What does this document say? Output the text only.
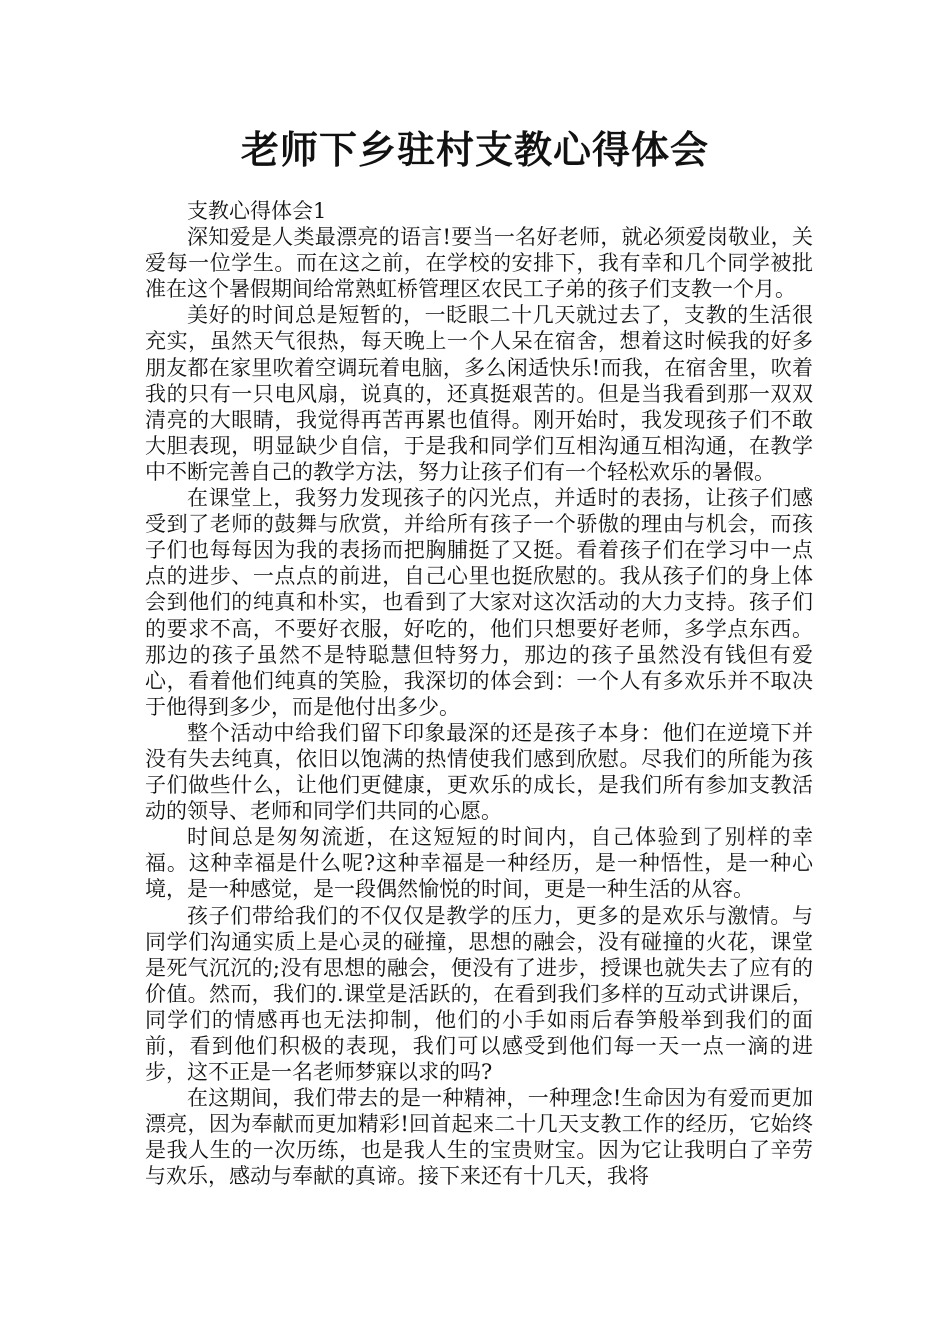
老师下乡驻村支教心得体会

支教心得体会1

深知爱是人类最漂亮的语言!要当一名好老师，就必须爱岗敬业，关爱每一位学生。而在这之前，在学校的安排下，我有幸和几个同学被批准在这个暑假期间给常熟虹桥管理区农民工子弟的孩子们支教一个月。

美好的时间总是短暂的，一眨眼二十几天就过去了，支教的生活很充实，虽然天气很热，每天晚上一个人呆在宿舍，想着这时候我的好多朋友都在家里吹着空调玩着电脑，多么闲适快乐!而我，在宿舍里，吹着我的只有一只电风扇，说真的，还真挺艰苦的。但是当我看到那一双双清亮的大眼睛，我觉得再苦再累也值得。刚开始时，我发现孩子们不敢大胆表现，明显缺少自信，于是我和同学们互相沟通互相沟通，在教学中不断完善自己的教学方法，努力让孩子们有一个轻松欢乐的暑假。

在课堂上，我努力发现孩子的闪光点，并适时的表扬，让孩子们感受到了老师的鼓舞与欣赏，并给所有孩子一个骄傲的理由与机会，而孩子们也每每因为我的表扬而把胸脯挺了又挺。看着孩子们在学习中一点点的进步、一点点的前进，自己心里也挺欣慰的。我从孩子们的身上体会到他们的纯真和朴实，也看到了大家对这次活动的大力支持。孩子们的要求不高，不要好衣服，好吃的，他们只想要好老师，多学点东西。那边的孩子虽然不是特聪慧但特努力，那边的孩子虽然没有钱但有爱心，看着他们纯真的笑脸，我深切的体会到：一个人有多欢乐并不取决于他得到多少，而是他付出多少。

整个活动中给我们留下印象最深的还是孩子本身：他们在逆境下并没有失去纯真，依旧以饱满的热情使我们感到欣慰。尽我们的所能为孩子们做些什么，让他们更健康，更欢乐的成长，是我们所有参加支教活动的领导、老师和同学们共同的心愿。

时间总是匆匆流逝，在这短短的时间内，自己体验到了别样的幸福。这种幸福是什么呢?这种幸福是一种经历，是一种悟性，是一种心境，是一种感觉，是一段偶然愉悦的时间，更是一种生活的从容。

孩子们带给我们的不仅仅是教学的压力，更多的是欢乐与激情。与同学们沟通实质上是心灵的碰撞，思想的融会，没有碰撞的火花，课堂是死气沉沉的;没有思想的融会，便没有了进步，授课也就失去了应有的价值。然而，我们的.课堂是活跃的，在看到我们多样的互动式讲课后，同学们的情感再也无法抑制，他们的小手如雨后春笋般举到我们的面前，看到他们积极的表现，我们可以感受到他们每一天一点一滴的进步，这不正是一名老师梦寐以求的吗?

在这期间，我们带去的是一种精神，一种理念!生命因为有爱而更加漂亮，因为奉献而更加精彩!回首起来二十几天支教工作的经历，它始终是我人生的一次历练，也是我人生的宝贵财宝。因为它让我明白了辛劳与欢乐，感动与奉献的真谛。接下来还有十几天，我将
